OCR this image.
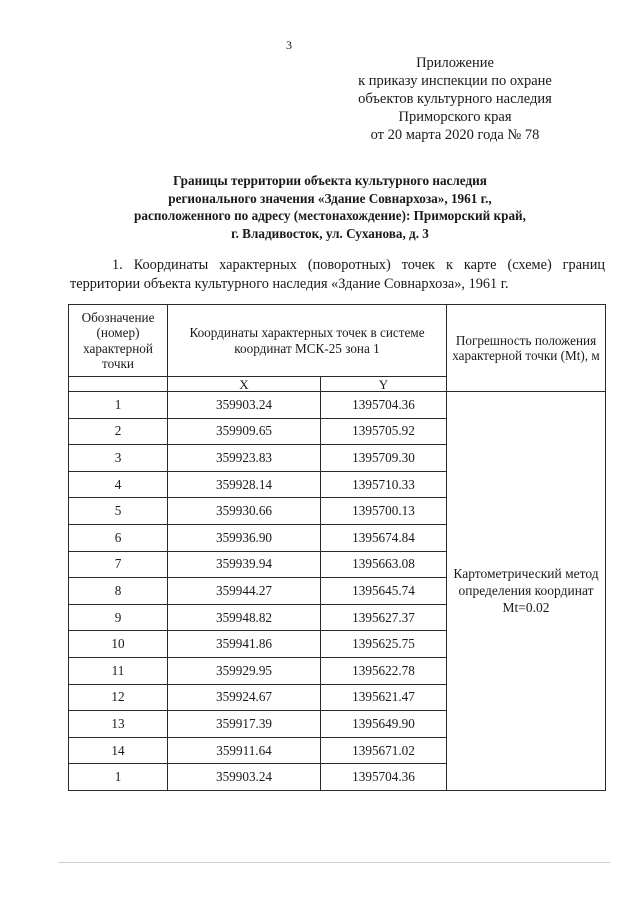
3
Приложение
к приказу инспекции по охране
объектов культурного наследия
Приморского края
от 20 марта 2020 года № 78
Границы территории объекта культурного наследия
регионального значения «Здание Совнархоза», 1961 г.,
расположенного по адресу (местонахождение): Приморский край,
г. Владивосток, ул. Суханова, д. 3
1. Координаты характерных (поворотных) точек к карте (схеме) границ
территории объекта культурного наследия «Здание Совнархоза», 1961 г.
Обозначение (номер) характерной точки	Координаты характерных точек в системе координат МСК-25 зона 1		Погрешность положения характерной точки (Mt), м
	X	Y	
1	359903.24	1395704.36	Картометрический метод определения координат Mt=0.02
2	359909.65	1395705.92	
3	359923.83	1395709.30	
4	359928.14	1395710.33	
5	359930.66	1395700.13	
6	359936.90	1395674.84	
7	359939.94	1395663.08	
8	359944.27	1395645.74	
9	359948.82	1395627.37	
10	359941.86	1395625.75	
11	359929.95	1395622.78	
12	359924.67	1395621.47	
13	359917.39	1395649.90	
14	359911.64	1395671.02	
1	359903.24	1395704.36	
